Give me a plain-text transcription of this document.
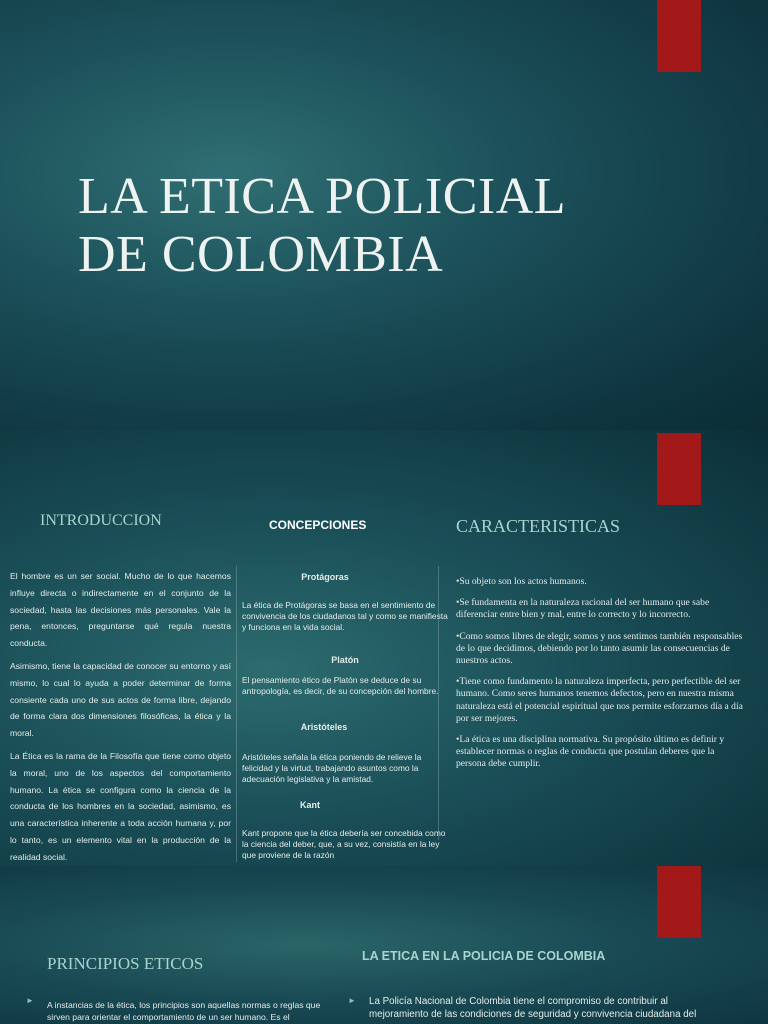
LA ETICA POLICIAL
DE COLOMBIA
INTRODUCCION

El hombre es un ser social. Mucho de lo que hacemos influye directa o indirectamente en el conjunto de la sociedad, hasta las decisiones más personales. Vale la pena, entonces, preguntarse qué regula nuestra conducta.

Asimismo, tiene la capacidad de conocer su entorno y así mismo, lo cual lo ayuda a poder determinar de forma consiente cada uno de sus actos de forma libre, dejando de forma clara dos dimensiones filosóficas, la ética y la moral.

La Ética es la rama de la Filosofía que tiene como objeto la moral, uno de los aspectos del comportamiento humano. La ética se configura como la ciencia de la conducta de los hombres en la sociedad, asimismo, es una característica inherente a toda acción humana y, por lo tanto, es un elemento vital en la producción de la realidad social.

CONCEPCIONES
Protágoras
La ética de Protágoras se basa en el sentimiento de convivencia de los ciudadanos tal y como se manifiesta y funciona en la vida social.
Platón
El pensamiento ético de Platón se deduce de su antropología, es decir, de su concepción del hombre.
Aristóteles
Aristóteles señala la ética poniendo de relieve la felicidad y la virtud, trabajando asuntos como la adecuación legislativa y la amistad.
Kant
Kant propone que la ética debería ser concebida como la ciencia del deber, que, a su vez, consistía en la ley que proviene de la razón
CARACTERISTICAS

•Su objeto son los actos humanos.

•Se fundamenta en la naturaleza racional del ser humano que sabe diferenciar entre bien y mal, entre lo correcto y lo incorrecto.

•Como somos libres de elegir, somos y nos sentimos también responsables de lo que decidimos, debiendo por lo tanto asumir las consecuencias de nuestros actos.

•Tiene como fundamento la naturaleza imperfecta, pero perfectible del ser humano. Como seres humanos tenemos defectos, pero en nuestra misma naturaleza está el potencial espiritual que nos permite esforzarnos día a día por ser mejores.

•La ética es una disciplina normativa. Su propósito último es definir y establecer normas o reglas de conducta que postulan deberes que la persona debe cumplir.

PRINCIPIOS ETICOS
► A instancias de la ética, los principios son aquellas normas o reglas que sirven para orientar el comportamiento de un ser humano. Es el
LA ETICA EN LA POLICIA DE COLOMBIA
► La Policía Nacional de Colombia tiene el compromiso de contribuir al mejoramiento de las condiciones de seguridad y convivencia ciudadana del
